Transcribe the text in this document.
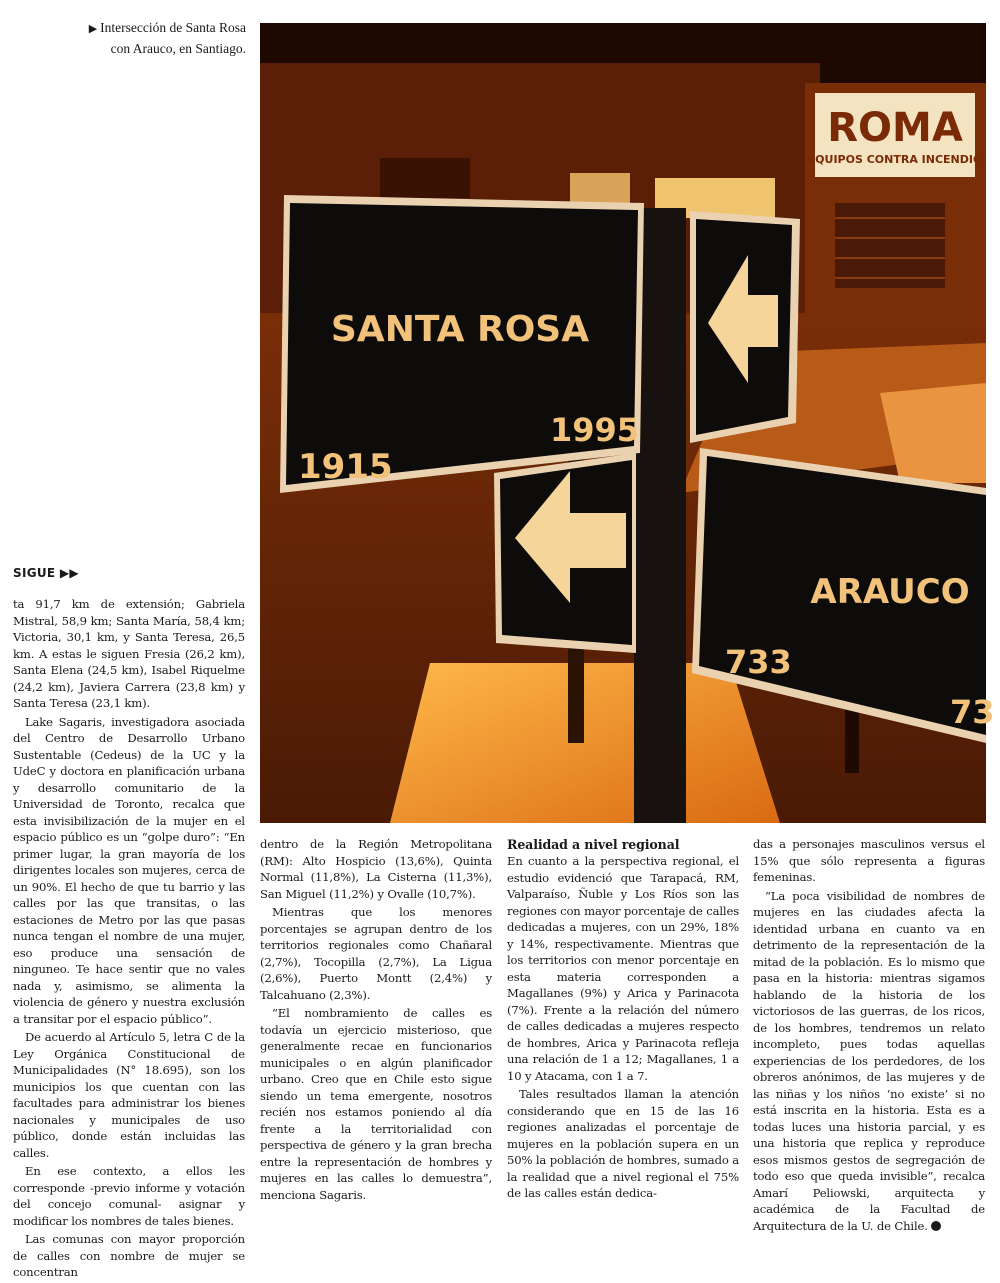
▶ Intersección de Santa Rosa
con Arauco, en Santiago.
ROMA
EQUIPOS CONTRA INCENDIO
SANTA ROSA
1915
1995
ARAUCO
733
73
SIGUE ▶▶

ta 91,7 km de extensión; Gabriela Mistral, 58,9 km; Santa María, 58,4 km; Victoria, 30,1 km, y Santa Teresa, 26,5 km. A estas le siguen Fresia (26,2 km), Santa Elena (24,5 km), Isabel Riquelme (24,2 km), Javiera Carrera (23,8 km) y Santa Teresa (23,1 km).

Lake Sagaris, investigadora asociada del Centro de Desarrollo Urbano Sustentable (Cedeus) de la UC y la UdeC y doctora en planificación urbana y desarrollo comunitario de la Universidad de Toronto, recalca que esta invisibilización de la mujer en el espacio público es un “golpe duro”: “En primer lugar, la gran mayoría de los dirigentes locales son mujeres, cerca de un 90%. El hecho de que tu barrio y las calles por las que transitas, o las estaciones de Metro por las que pasas nunca tengan el nombre de una mujer, eso produce una sensación de ninguneo. Te hace sentir que no vales nada y, asimismo, se alimenta la violencia de género y nuestra exclusión a transitar por el espacio público”.

De acuerdo al Artículo 5, letra C de la Ley Orgánica Constitucional de Municipalidades (N° 18.695), son los municipios los que cuentan con las facultades para administrar los bienes nacionales y municipales de uso público, donde están incluidas las calles.

En ese contexto, a ellos les corresponde -previo informe y votación del concejo comunal- asignar y modificar los nombres de tales bienes.

Las comunas con mayor proporción de calles con nombre de mujer se concentran

dentro de la Región Metropolitana (RM): Alto Hospicio (13,6%), Quinta Normal (11,8%), La Cisterna (11,3%), San Miguel (11,2%) y Ovalle (10,7%).

Mientras que los menores porcentajes se agrupan dentro de los territorios regionales como Chañaral (2,7%), Tocopilla (2,7%), La Ligua (2,6%), Puerto Montt (2,4%) y Talcahuano (2,3%).

“El nombramiento de calles es todavía un ejercicio misterioso, que generalmente recae en funcionarios municipales o en algún planificador urbano. Creo que en Chile esto sigue siendo un tema emergente, nosotros recién nos estamos poniendo al día frente a la territorialidad con perspectiva de género y la gran brecha entre la representación de hombres y mujeres en las calles lo demuestra”, menciona Sagaris.

Realidad a nivel regional

En cuanto a la perspectiva regional, el estudio evidenció que Tarapacá, RM, Valparaíso, Ñuble y Los Ríos son las regiones con mayor porcentaje de calles dedicadas a mujeres, con un 29%, 18% y 14%, respectivamente. Mientras que los territorios con menor porcentaje en esta materia corresponden a Magallanes (9%) y Arica y Parinacota (7%). Frente a la relación del número de calles dedicadas a mujeres respecto de hombres, Arica y Parinacota refleja una relación de 1 a 12; Magallanes, 1 a 10 y Atacama, con 1 a 7.

Tales resultados llaman la atención considerando que en 15 de las 16 regiones analizadas el porcentaje de mujeres en la población supera en un 50% la población de hombres, sumado a la realidad que a nivel regional el 75% de las calles están dedica-

das a personajes masculinos versus el 15% que sólo representa a figuras femeninas.

“La poca visibilidad de nombres de mujeres en las ciudades afecta la identidad urbana en cuanto va en detrimento de la representación de la mitad de la población. Es lo mismo que pasa en la historia: mientras sigamos hablando de la historia de los victoriosos de las guerras, de los ricos, de los hombres, tendremos un relato incompleto, pues todas aquellas experiencias de los perdedores, de los obreros anónimos, de las mujeres y de las niñas y los niños ‘no existe’ si no está inscrita en la historia. Esta es a todas luces una historia parcial, y es una historia que replica y reproduce esos mismos gestos de segregación de todo eso que queda invisible”, recalca Amarí Peliowski, arquitecta y académica de la Facultad de Arquitectura de la U. de Chile.
